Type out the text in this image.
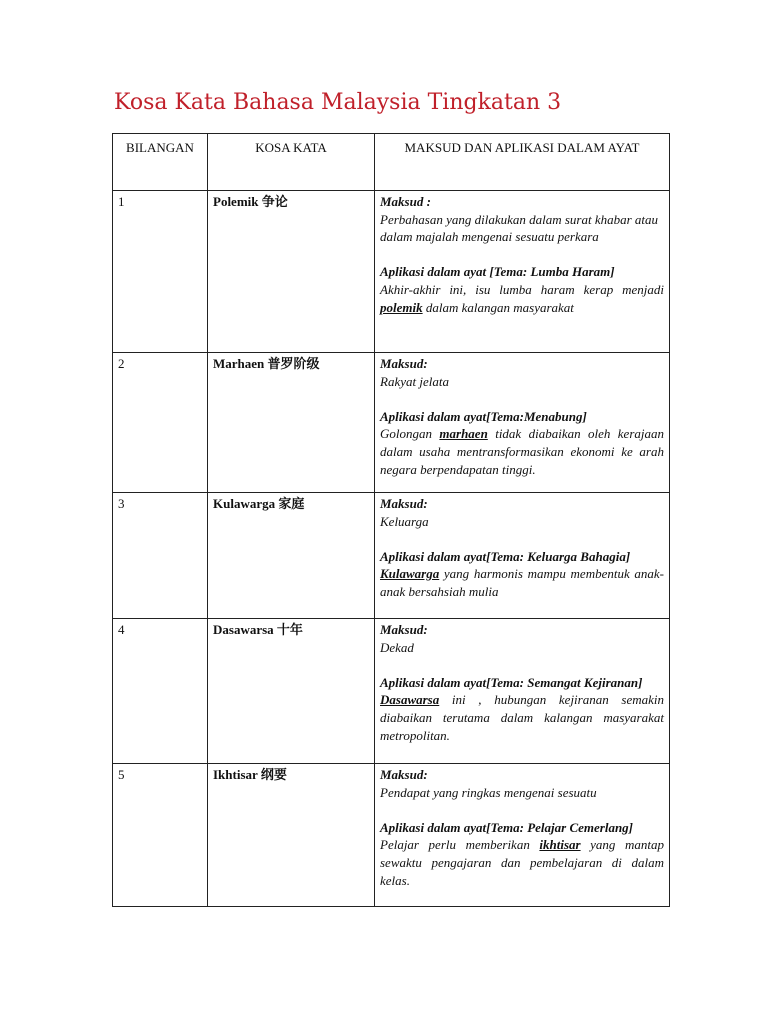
Kosa Kata Bahasa Malaysia Tingkatan 3
BILANGAN	KOSA KATA	MAKSUD DAN APLIKASI DALAM AYAT
1	Polemik 争论	Maksud :
Perbahasan yang dilakukan dalam surat khabar atau dalam majalah mengenai sesuatu perkara
Aplikasi dalam ayat [Tema: Lumba Haram]
Akhir-akhir ini, isu lumba haram kerap menjadi polemik dalam kalangan masyarakat

2	Marhaen 普罗阶级	Maksud:
Rakyat jelata
Aplikasi dalam ayat[Tema:Menabung]
Golongan marhaen tidak diabaikan oleh kerajaan dalam usaha mentransformasikan ekonomi ke arah negara berpendapatan tinggi.

3	Kulawarga 家庭	Maksud:
Keluarga
Aplikasi dalam ayat[Tema: Keluarga Bahagia]
Kulawarga yang harmonis mampu membentuk anak-anak bersahsiah mulia

4	Dasawarsa 十年	Maksud:
Dekad
Aplikasi dalam ayat[Tema: Semangat Kejiranan]
Dasawarsa ini , hubungan kejiranan semakin diabaikan terutama dalam kalangan masyarakat metropolitan.

5	Ikhtisar 纲要	Maksud:
Pendapat yang ringkas mengenai sesuatu
Aplikasi dalam ayat[Tema: Pelajar Cemerlang]
Pelajar perlu memberikan ikhtisar yang mantap sewaktu pengajaran dan pembelajaran di dalam kelas.
